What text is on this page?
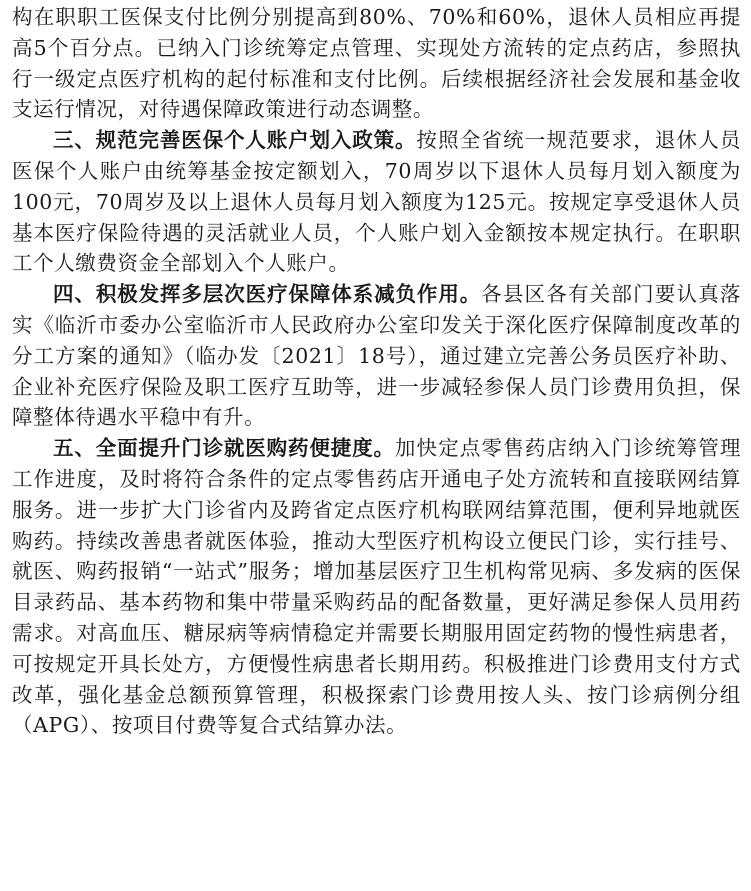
构在职职工医保支付比例分别提高到80%、70%和60%，退休人员相应再提高5个百分点。已纳入门诊统筹定点管理、实现处方流转的定点药店，参照执行一级定点医疗机构的起付标准和支付比例。后续根据经济社会发展和基金收支运行情况，对待遇保障政策进行动态调整。

三、规范完善医保个人账户划入政策。按照全省统一规范要求，退休人员医保个人账户由统筹基金按定额划入，70周岁以下退休人员每月划入额度为100元，70周岁及以上退休人员每月划入额度为125元。按规定享受退休人员基本医疗保险待遇的灵活就业人员，个人账户划入金额按本规定执行。在职职工个人缴费资金全部划入个人账户。

四、积极发挥多层次医疗保障体系减负作用。各县区各有关部门要认真落实《临沂市委办公室临沂市人民政府办公室印发关于深化医疗保障制度改革的分工方案的通知》（临办发〔2021〕18号），通过建立完善公务员医疗补助、企业补充医疗保险及职工医疗互助等，进一步减轻参保人员门诊费用负担，保障整体待遇水平稳中有升。

五、全面提升门诊就医购药便捷度。加快定点零售药店纳入门诊统筹管理工作进度，及时将符合条件的定点零售药店开通电子处方流转和直接联网结算服务。进一步扩大门诊省内及跨省定点医疗机构联网结算范围，便利异地就医购药。持续改善患者就医体验，推动大型医疗机构设立便民门诊，实行挂号、就医、购药报销“一站式”服务；增加基层医疗卫生机构常见病、多发病的医保目录药品、基本药物和集中带量采购药品的配备数量，更好满足参保人员用药需求。对高血压、糖尿病等病情稳定并需要长期服用固定药物的慢性病患者，可按规定开具长处方，方便慢性病患者长期用药。积极推进门诊费用支付方式改革，强化基金总额预算管理，积极探索门诊费用按人头、按门诊病例分组（APG）、按项目付费等复合式结算办法。
